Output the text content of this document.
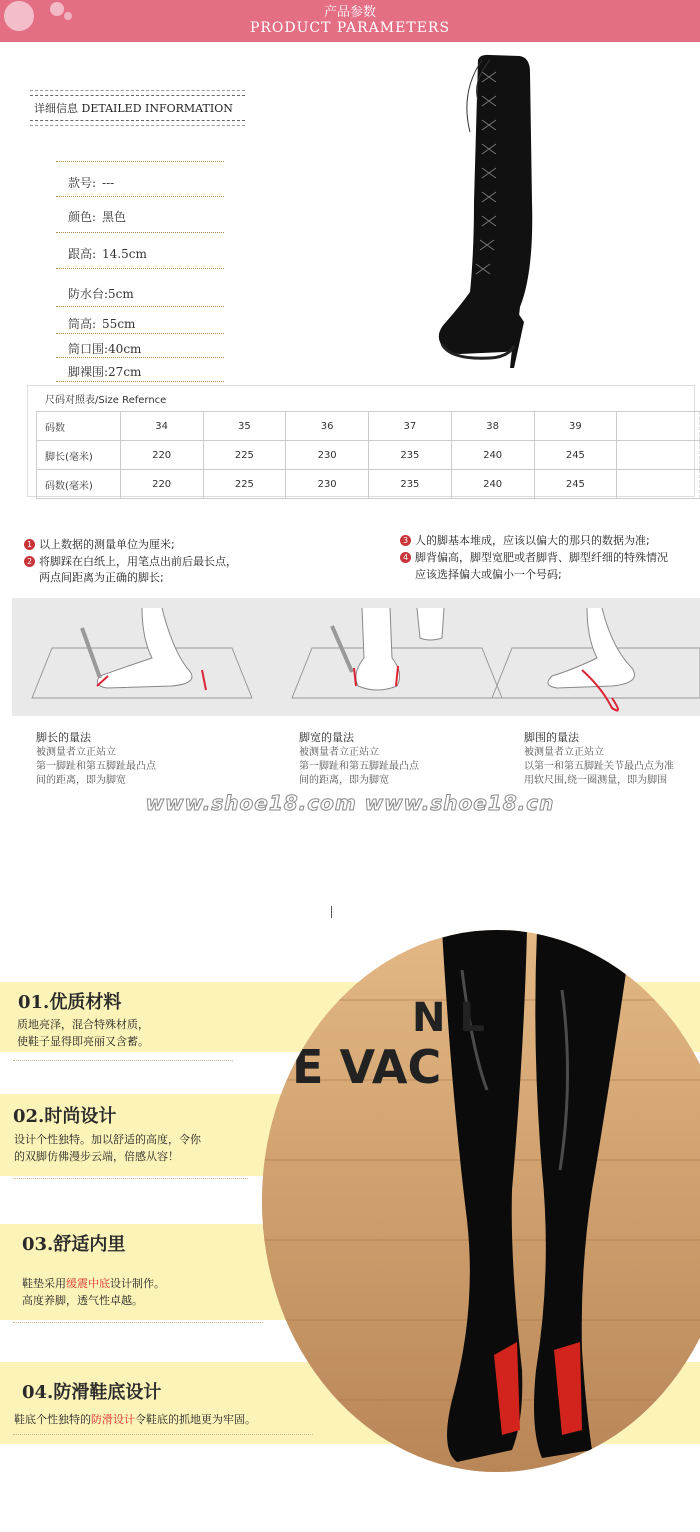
产品参数
PRODUCT PARAMETERS
详细信息 DETAILED INFORMATION
款号: ---
颜色: 黑色
跟高: 14.5cm
防水台:5cm
筒高: 55cm
筒口围:40cm
脚裸围:27cm
尺码对照表/Size Refernce
码数	34	35	36	37	38	39	
脚长(毫米)	220	225	230	235	240	245	
码数(毫米)	220	225	230	235	240	245	
1 以上数据的测量单位为厘米;
2 将脚踩在白纸上，用笔点出前后最长点，
两点间距离为正确的脚长;
3 人的脚基本堆成，应该以偏大的那只的数据为准;
4 脚背偏高，脚型宽肥或者脚背、脚型纤细的特殊情况
应该选择偏大或偏小一个号码;
脚长的量法
被测量者立正站立
第一脚趾和第五脚趾最凸点
间的距离，即为脚宽
脚宽的量法
被测量者立正站立
第一脚趾和第五脚趾最凸点
间的距离，即为脚宽
脚围的量法
被测量者立正站立
以第一和第五脚趾关节最凸点为准
用软尺围,绕一圈测量，即为脚围
www.shoe18.com www.shoe18.cn
N L
E VAC
01.优质材料
质地亮泽，混合特殊材质，
使鞋子显得即亮丽又含蓄。
02.时尚设计
设计个性独特。加以舒适的高度，令你
的双脚仿佛漫步云端，倍感从容！
03.舒适内里
鞋垫采用缓震中底设计制作。
高度养脚，透气性卓越。
04.防滑鞋底设计
鞋底个性独特的防滑设计令鞋底的抓地更为牢固。
